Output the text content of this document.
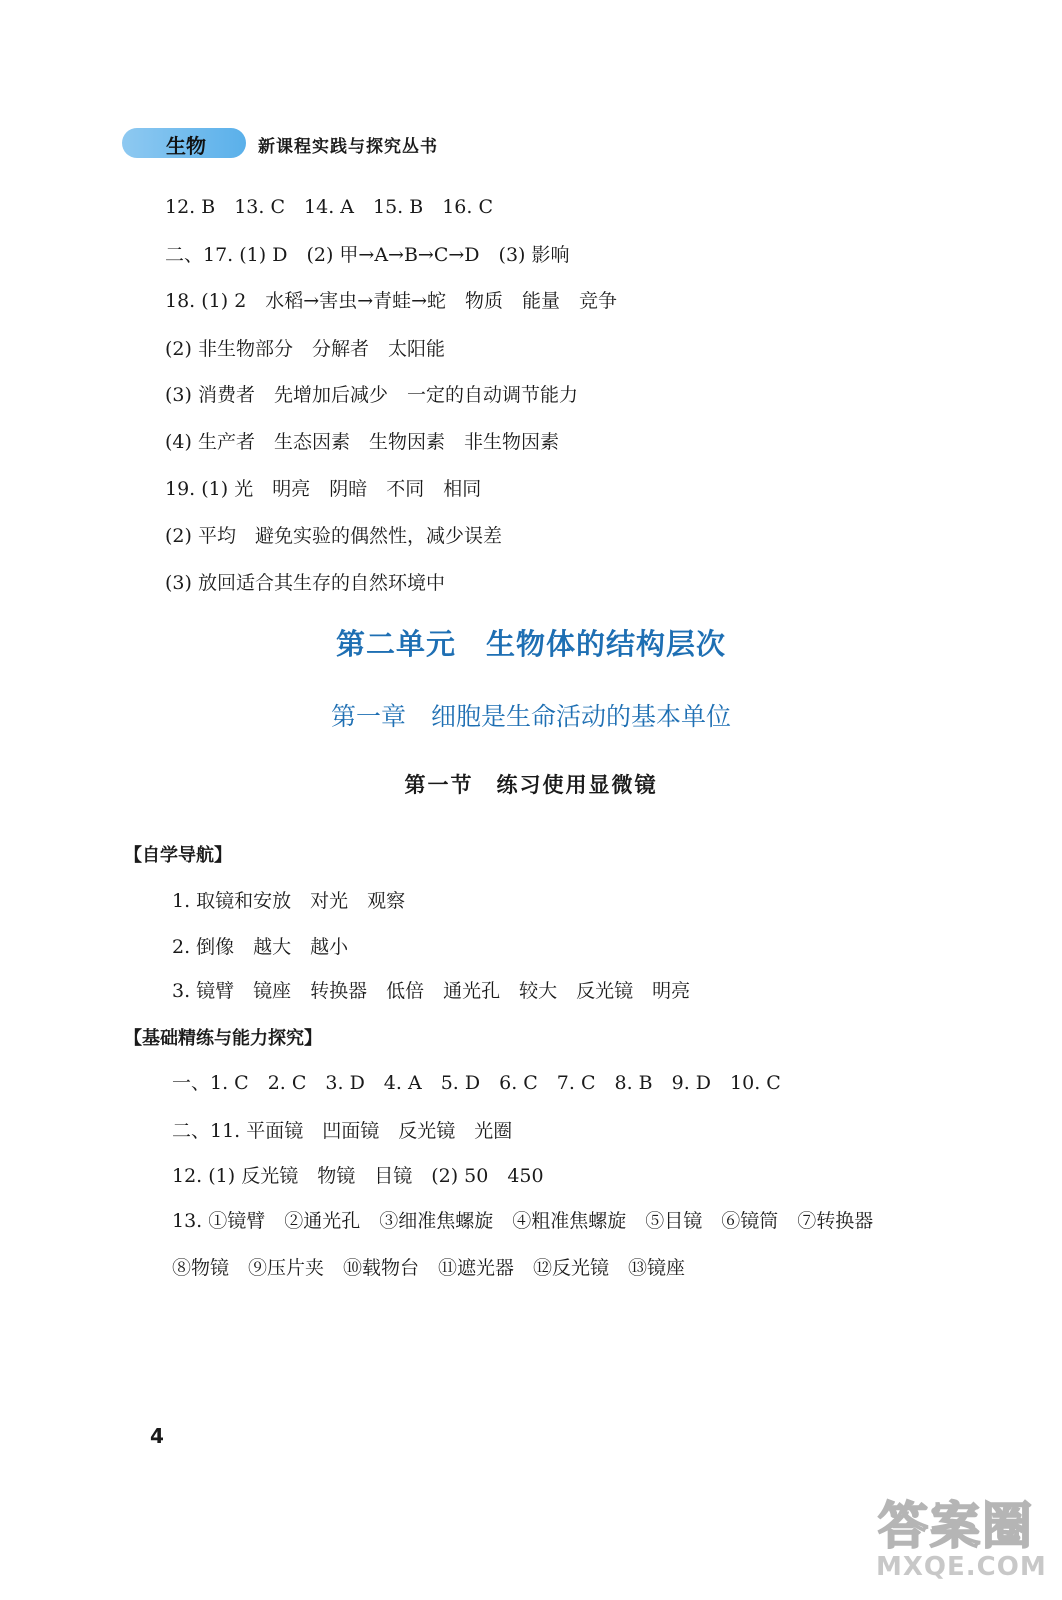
生物	新课程实践与探究丛书
12. B　13. C　14. A　15. B　16. C
二、17. (1) D　(2) 甲→A→B→C→D　(3) 影响
18. (1) 2　水稻→害虫→青蛙→蛇　物质　能量　竞争
(2) 非生物部分　分解者　太阳能
(3) 消费者　先增加后减少　一定的自动调节能力
(4) 生产者　生态因素　生物因素　非生物因素
19. (1) 光　明亮　阴暗　不同　相同
(2) 平均　避免实验的偶然性，减少误差
(3) 放回适合其生存的自然环境中
第二单元　生物体的结构层次
第一章　细胞是生命活动的基本单位
第一节　练习使用显微镜
【自学导航】
1. 取镜和安放　对光　观察
2. 倒像　越大　越小
3. 镜臂　镜座　转换器　低倍　通光孔　较大　反光镜　明亮
【基础精练与能力探究】
一、1. C　2. C　3. D　4. A　5. D　6. C　7. C　8. B　9. D　10. C
二、11. 平面镜　凹面镜　反光镜　光圈
12. (1) 反光镜　物镜　目镜　(2) 50　450
13. ①镜臂　②通光孔　③细准焦螺旋　④粗准焦螺旋　⑤目镜　⑥镜筒　⑦转换器
⑧物镜　⑨压片夹　⑩载物台　⑪遮光器　⑫反光镜　⑬镜座
4
答案圈
MXQE.COM
